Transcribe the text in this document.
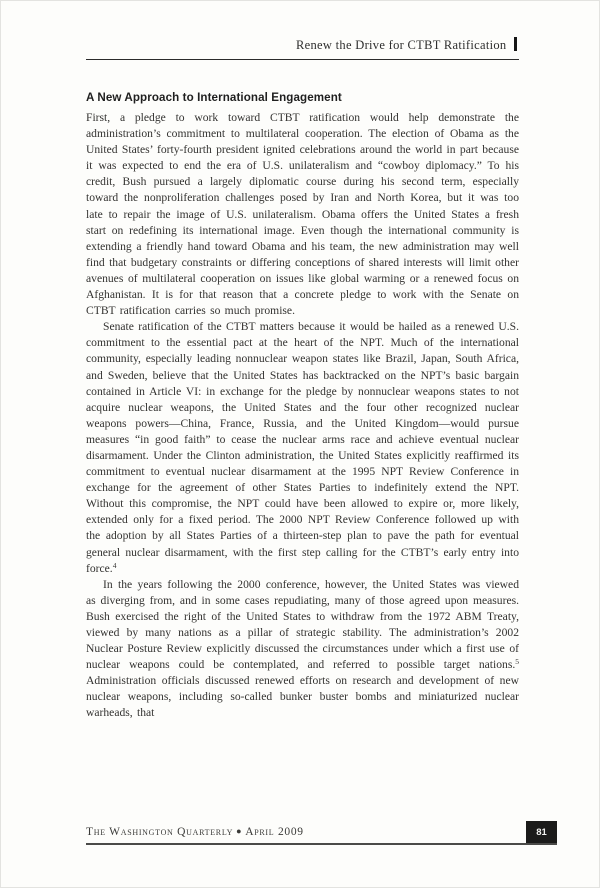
Renew the Drive for CTBT Ratification
A New Approach to International Engagement

First, a pledge to work toward CTBT ratification would help demonstrate the administration’s commitment to multilateral cooperation. The election of Obama as the United States’ forty-fourth president ignited celebrations around the world in part because it was expected to end the era of U.S. unilateralism and “cowboy diplomacy.” To his credit, Bush pursued a largely diplomatic course during his second term, especially toward the nonproliferation challenges posed by Iran and North Korea, but it was too late to repair the image of U.S. unilateralism. Obama offers the United States a fresh start on redefining its international image. Even though the international community is extending a friendly hand toward Obama and his team, the new administration may well find that budgetary constraints or differing conceptions of shared interests will limit other avenues of multilateral cooperation on issues like global warming or a renewed focus on Afghanistan. It is for that reason that a concrete pledge to work with the Senate on CTBT ratification carries so much promise.

Senate ratification of the CTBT matters because it would be hailed as a renewed U.S. commitment to the essential pact at the heart of the NPT. Much of the international community, especially leading nonnuclear weapon states like Brazil, Japan, South Africa, and Sweden, believe that the United States has backtracked on the NPT’s basic bargain contained in Article VI: in exchange for the pledge by nonnuclear weapons states to not acquire nuclear weapons, the United States and the four other recognized nuclear weapons powers—China, France, Russia, and the United Kingdom—would pursue measures “in good faith” to cease the nuclear arms race and achieve eventual nuclear disarmament. Under the Clinton administration, the United States explicitly reaffirmed its commitment to eventual nuclear disarmament at the 1995 NPT Review Conference in exchange for the agreement of other States Parties to indefinitely extend the NPT. Without this compromise, the NPT could have been allowed to expire or, more likely, extended only for a fixed period. The 2000 NPT Review Conference followed up with the adoption by all States Parties of a thirteen-step plan to pave the path for eventual general nuclear disarmament, with the first step calling for the CTBT’s early entry into force.$^4$

In the years following the 2000 conference, however, the United States was viewed as diverging from, and in some cases repudiating, many of those agreed upon measures. Bush exercised the right of the United States to withdraw from the 1972 ABM Treaty, viewed by many nations as a pillar of strategic stability. The administration’s 2002 Nuclear Posture Review explicitly discussed the circumstances under which a first use of nuclear weapons could be contemplated, and referred to possible target nations.$^5$ Administration officials discussed renewed efforts on research and development of new nuclear weapons, including so-called bunker buster bombs and miniaturized nuclear warheads, that

The Washington Quarterly ● April 2009	81
